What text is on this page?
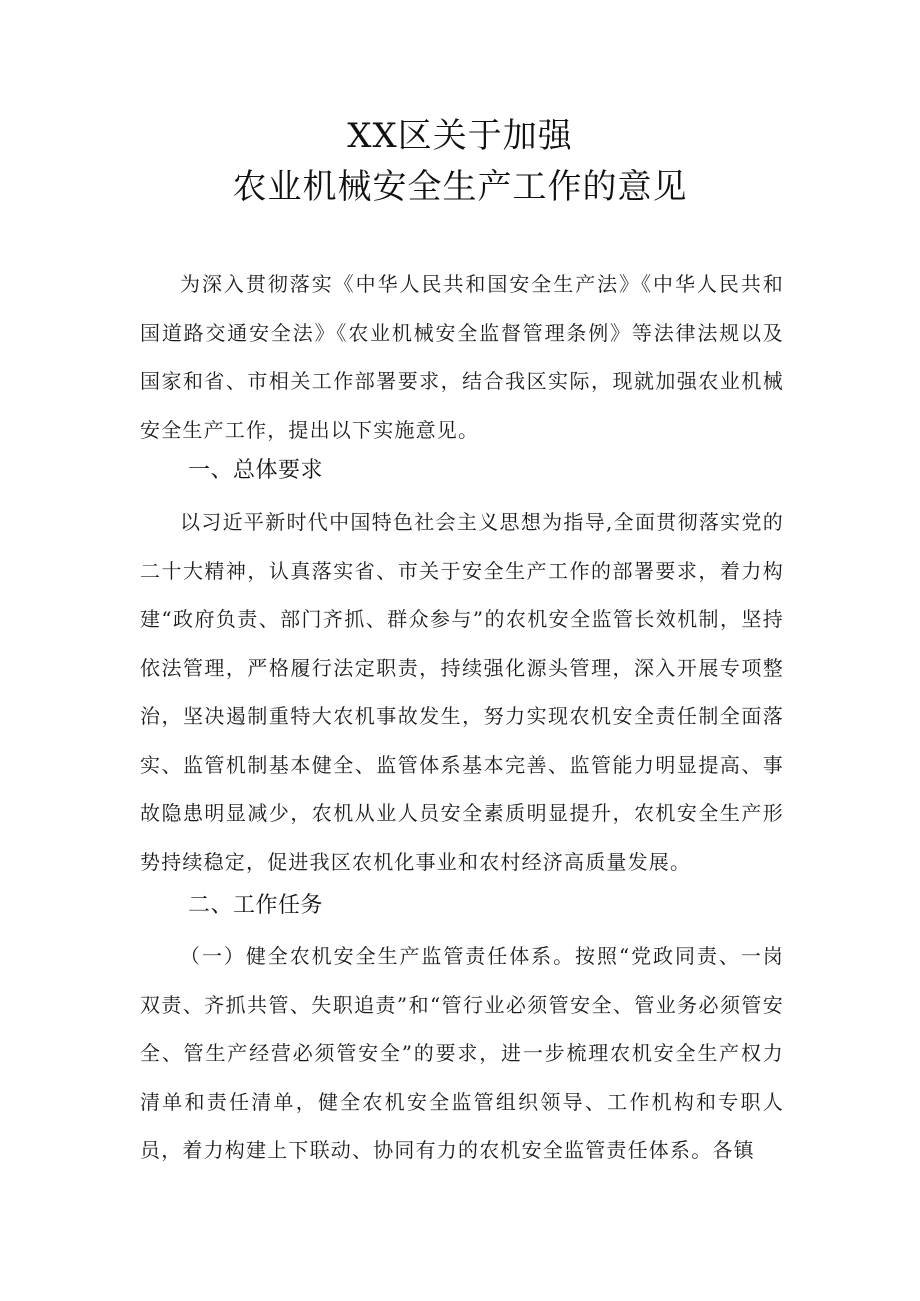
XX区关于加强
农业机械安全生产工作的意见

为深入贯彻落实《中华人民共和国安全生产法》《中华人民共和国道路交通安全法》《农业机械安全监督管理条例》等法律法规以及国家和省、市相关工作部署要求，结合我区实际，现就加强农业机械安全生产工作，提出以下实施意见。

一、总体要求

以习近平新时代中国特色社会主义思想为指导,全面贯彻落实党的二十大精神，认真落实省、市关于安全生产工作的部署要求，着力构建“政府负责、部门齐抓、群众参与”的农机安全监管长效机制，坚持依法管理，严格履行法定职责，持续强化源头管理，深入开展专项整治，坚决遏制重特大农机事故发生，努力实现农机安全责任制全面落实、监管机制基本健全、监管体系基本完善、监管能力明显提高、事故隐患明显减少，农机从业人员安全素质明显提升，农机安全生产形势持续稳定，促进我区农机化事业和农村经济高质量发展。

二、工作任务

（一）健全农机安全生产监管责任体系。按照“党政同责、一岗双责、齐抓共管、失职追责”和“管行业必须管安全、管业务必须管安全、管生产经营必须管安全”的要求，进一步梳理农机安全生产权力清单和责任清单，健全农机安全监管组织领导、工作机构和专职人员，着力构建上下联动、协同有力的农机安全监管责任体系。各镇
